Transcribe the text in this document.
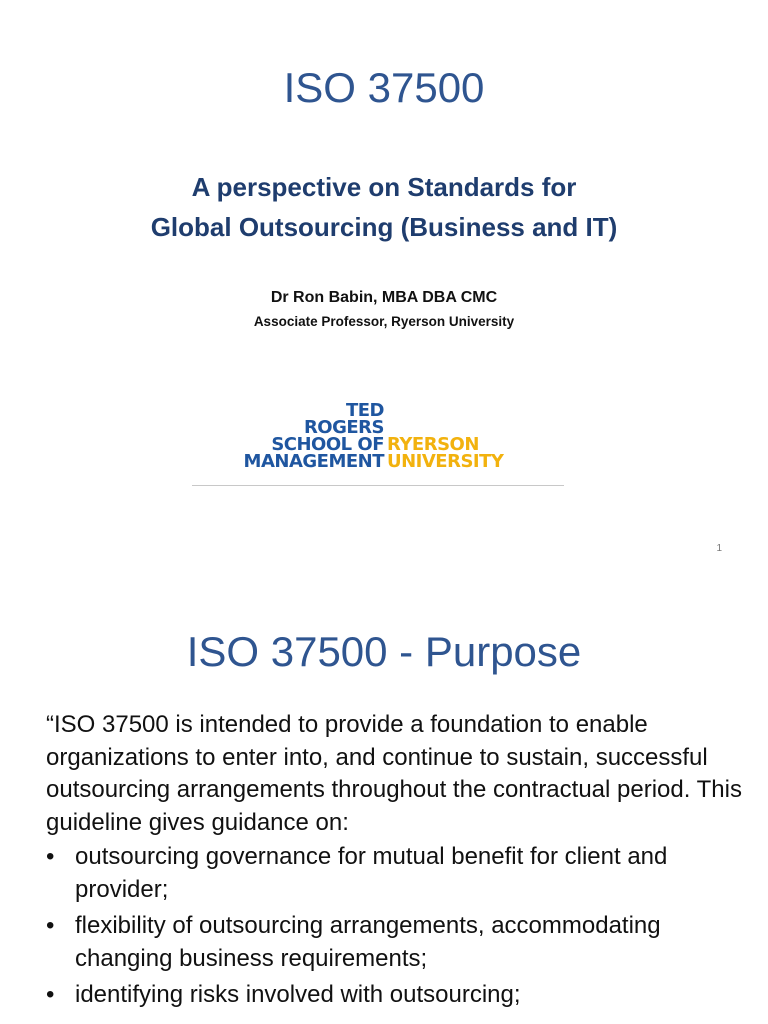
ISO 37500
A perspective on Standards for
Global Outsourcing (Business and IT)
Dr Ron Babin, MBA DBA CMC
Associate Professor, Ryerson University
TED
ROGERS
SCHOOL OF
MANAGEMENT
RYERSON
UNIVERSITY
1
ISO 37500 - Purpose

“ISO 37500 is intended to provide a foundation to enable organizations to enter into, and continue to sustain, successful outsourcing arrangements throughout the contractual period. This guideline gives guidance on:

• outsourcing governance for mutual benefit for client and provider;
• flexibility of outsourcing arrangements, accommodating changing business requirements;
• identifying risks involved with outsourcing;
